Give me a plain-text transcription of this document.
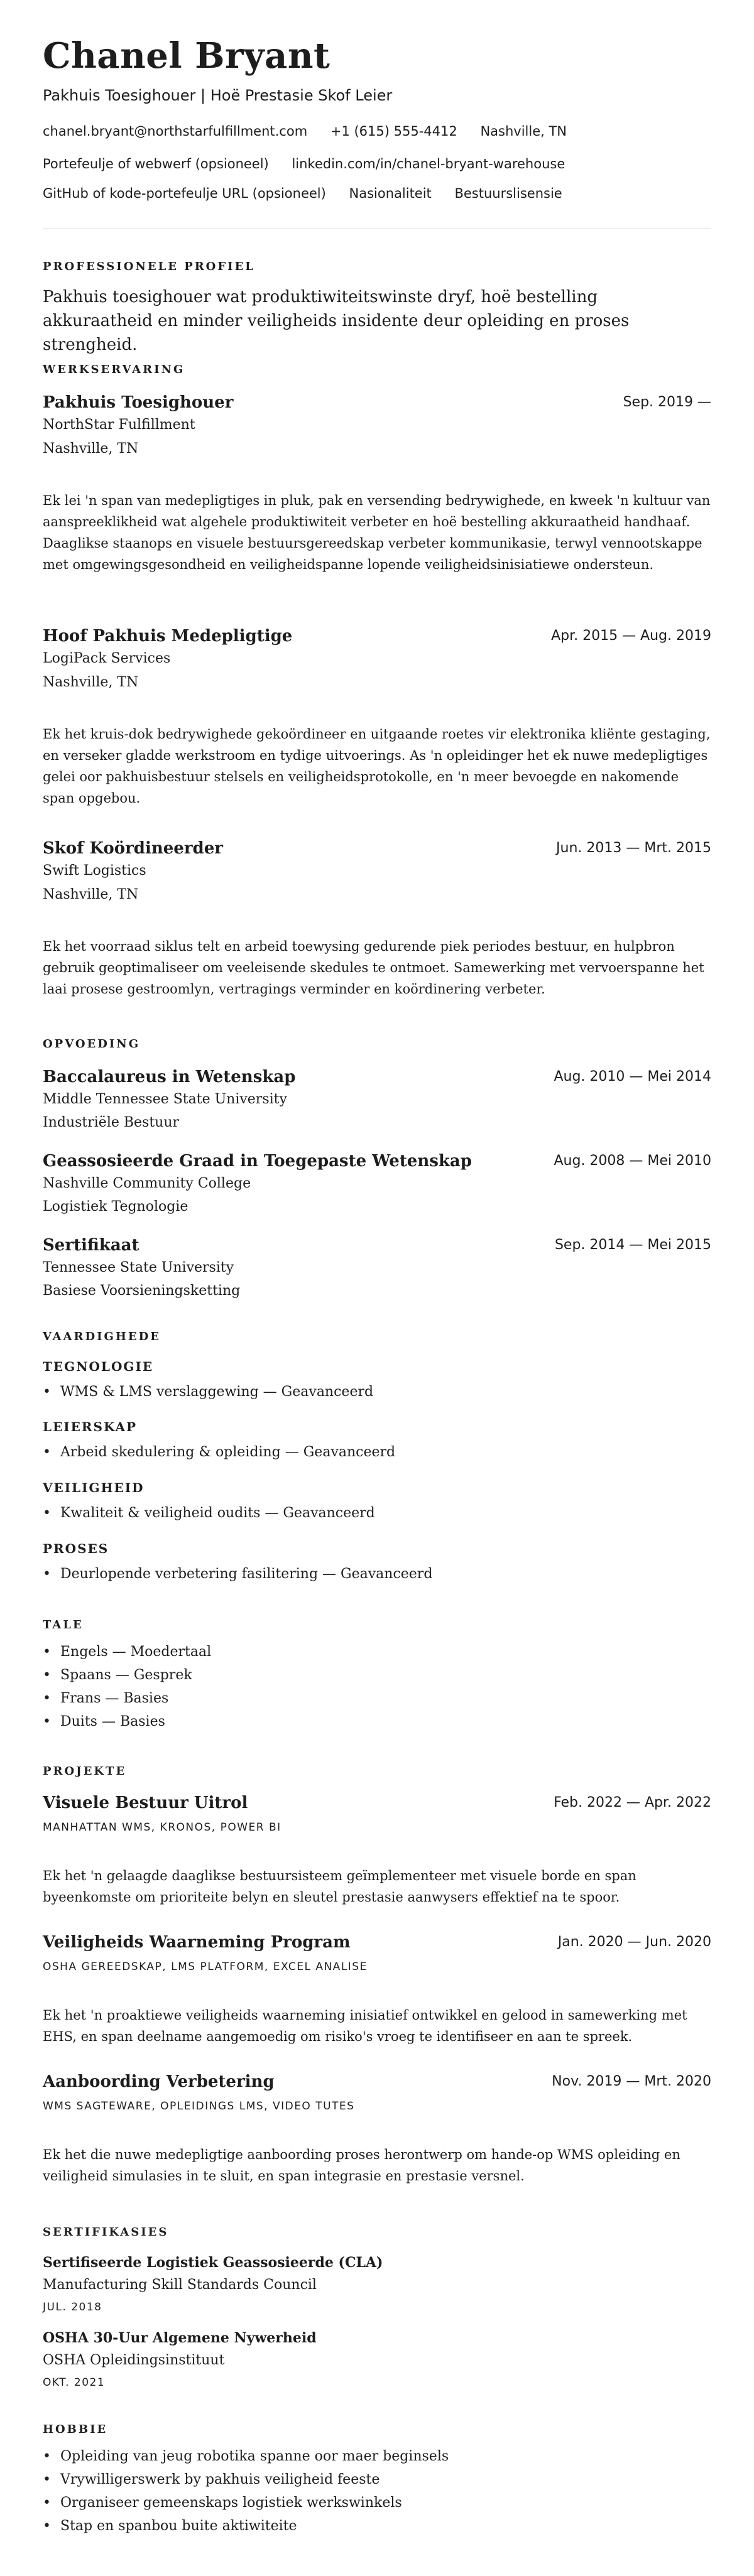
Chanel Bryant
Pakhuis Toesighouer | Hoë Prestasie Skof Leier
chanel.bryant@northstarfulfillment.com +1 (615) 555-4412 Nashville, TN
Portefeulje of webwerf (opsioneel) linkedin.com/in/chanel-bryant-warehouse
GitHub of kode-portefeulje URL (opsioneel) Nasionaliteit Bestuurslisensie
PROFESSIONELE PROFIEL
Pakhuis toesighouer wat produktiwiteitswinste dryf, hoë bestelling akkuraatheid en minder veiligheids insidente deur opleiding en proses strengheid.
WERKSERVARING
Pakhuis Toesighouer	Sep. 2019 —
NorthStar Fulfillment
Nashville, TN
Ek lei 'n span van medepligtiges in pluk, pak en versending bedrywighede, en kweek 'n kultuur van aanspreeklikheid wat algehele produktiwiteit verbeter en hoë bestelling akkuraatheid handhaaf. Daaglikse staanops en visuele bestuursgereedskap verbeter kommunikasie, terwyl vennootskappe met omgewingsgesondheid en veiligheidspanne lopende veiligheidsinisiatiewe ondersteun.
Hoof Pakhuis Medepligtige	Apr. 2015 — Aug. 2019
LogiPack Services
Nashville, TN
Ek het kruis-dok bedrywighede gekoördineer en uitgaande roetes vir elektronika kliënte gestaging, en verseker gladde werkstroom en tydige uitvoerings. As 'n opleidinger het ek nuwe medepligtiges gelei oor pakhuisbestuur stelsels en veiligheidsprotokolle, en 'n meer bevoegde en nakomende span opgebou.
Skof Koördineerder	Jun. 2013 — Mrt. 2015
Swift Logistics
Nashville, TN
Ek het voorraad siklus telt en arbeid toewysing gedurende piek periodes bestuur, en hulpbron gebruik geoptimaliseer om veeleisende skedules te ontmoet. Samewerking met vervoerspanne het laai prosese gestroomlyn, vertragings verminder en koördinering verbeter.
OPVOEDING
Baccalaureus in Wetenskap	Aug. 2010 — Mei 2014
Middle Tennessee State University
Industriële Bestuur
Geassosieerde Graad in Toegepaste Wetenskap	Aug. 2008 — Mei 2010
Nashville Community College
Logistiek Tegnologie
Sertifikaat	Sep. 2014 — Mei 2015
Tennessee State University
Basiese Voorsieningsketting
VAARDIGHEDE
TEGNOLOGIE
• WMS & LMS verslaggewing — Geavanceerd
LEIERSKAP
• Arbeid skedulering & opleiding — Geavanceerd
VEILIGHEID
• Kwaliteit & veiligheid oudits — Geavanceerd
PROSES
• Deurlopende verbetering fasilitering — Geavanceerd
TALE
• Engels — Moedertaal
• Spaans — Gesprek
• Frans — Basies
• Duits — Basies
PROJEKTE
Visuele Bestuur Uitrol	Feb. 2022 — Apr. 2022
MANHATTAN WMS, KRONOS, POWER BI
Ek het 'n gelaagde daaglikse bestuursisteem geïmplementeer met visuele borde en span byeenkomste om prioriteite belyn en sleutel prestasie aanwysers effektief na te spoor.
Veiligheids Waarneming Program	Jan. 2020 — Jun. 2020
OSHA GEREEDSKAP, LMS PLATFORM, EXCEL ANALISE
Ek het 'n proaktiewe veiligheids waarneming inisiatief ontwikkel en gelood in samewerking met EHS, en span deelname aangemoedig om risiko's vroeg te identifiseer en aan te spreek.
Aanboording Verbetering	Nov. 2019 — Mrt. 2020
WMS SAGTEWARE, OPLEIDINGS LMS, VIDEO TUTES
Ek het die nuwe medepligtige aanboording proses herontwerp om hande-op WMS opleiding en veiligheid simulasies in te sluit, en span integrasie en prestasie versnel.
SERTIFIKASIES
Sertifiseerde Logistiek Geassosieerde (CLA)
Manufacturing Skill Standards Council
JUL. 2018
OSHA 30-Uur Algemene Nywerheid
OSHA Opleidingsinstituut
OKT. 2021
HOBBIE
• Opleiding van jeug robotika spanne oor maer beginsels
• Vrywilligerswerk by pakhuis veiligheid feeste
• Organiseer gemeenskaps logistiek werkswinkels
• Stap en spanbou buite aktiwiteite
